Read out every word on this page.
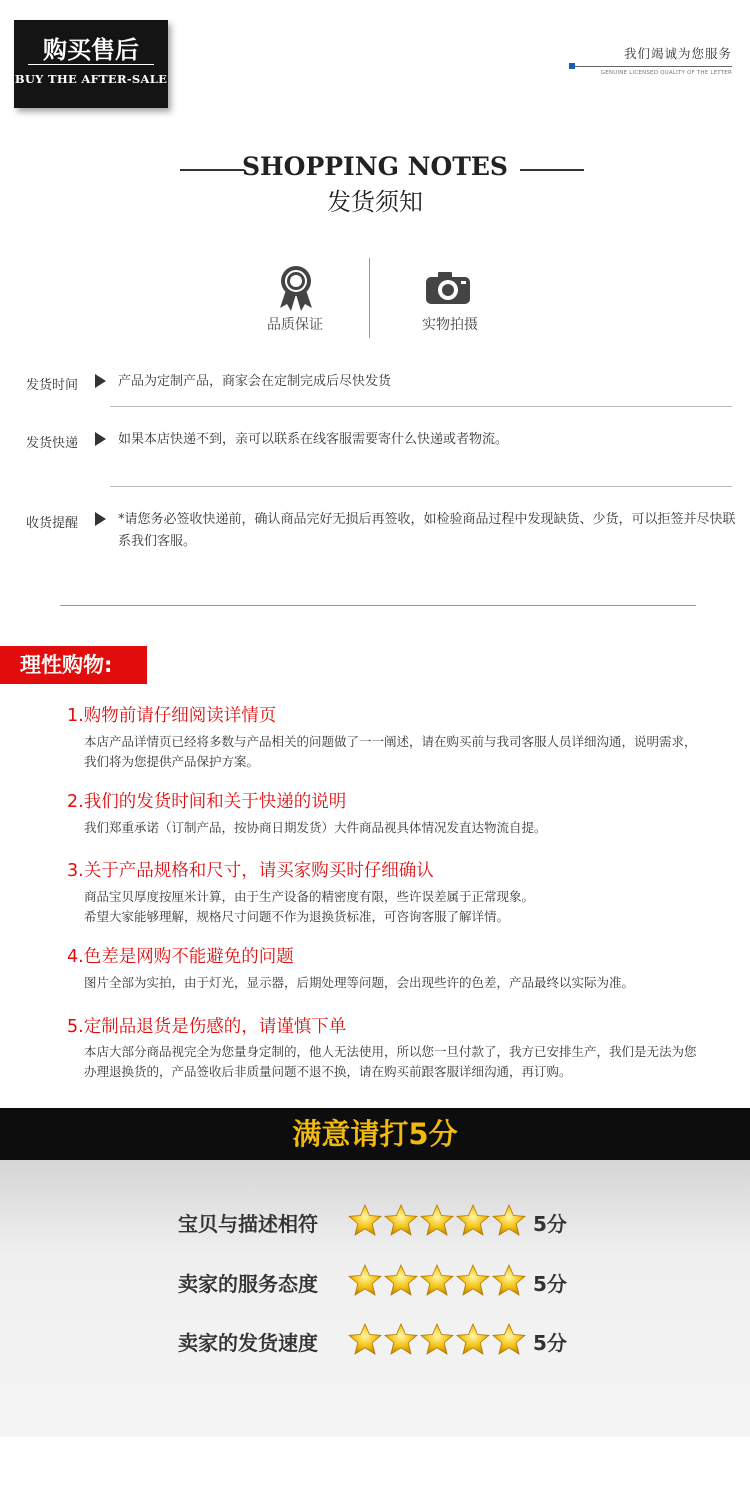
购买售后
BUY THE AFTER-SALE
我们竭诚为您服务
GENUINE LICENSED QUALITY OF THE LETTER
SHOPPING NOTES
发货须知
品质保证	实物拍摄
发货时间	产品为定制产品，商家会在定制完成后尽快发货
发货快递	如果本店快递不到，亲可以联系在线客服需要寄什么快递或者物流。
收货提醒	*请您务必签收快递前，确认商品完好无损后再签收，如检验商品过程中发现缺货、少货，可以拒签并尽快联系我们客服。
理性购物:
1.购物前请仔细阅读详情页
本店产品详情页已经将多数与产品相关的问题做了一一阐述，请在购买前与我司客服人员详细沟通，说明需求，我们将为您提供产品保护方案。
2.我们的发货时间和关于快递的说明
我们郑重承诺（订制产品，按协商日期发货）大件商品视具体情况发直达物流自提。
3.关于产品规格和尺寸，请买家购买时仔细确认
商品宝贝厚度按厘米计算，由于生产设备的精密度有限，些许误差属于正常现象。
希望大家能够理解，规格尺寸问题不作为退换货标准，可咨询客服了解详情。
4.色差是网购不能避免的问题
图片全部为实拍，由于灯光，显示器，后期处理等问题，会出现些许的色差，产品最终以实际为准。
5.定制品退货是伤感的，请谨慎下单
本店大部分商品视完全为您量身定制的，他人无法使用，所以您一旦付款了，我方已安排生产，我们是无法为您办理退换货的，产品签收后非质量问题不退不换，请在购买前跟客服详细沟通，再订购。
满意请打5分
宝贝与描述相符	5分
卖家的服务态度	5分
卖家的发货速度	5分
